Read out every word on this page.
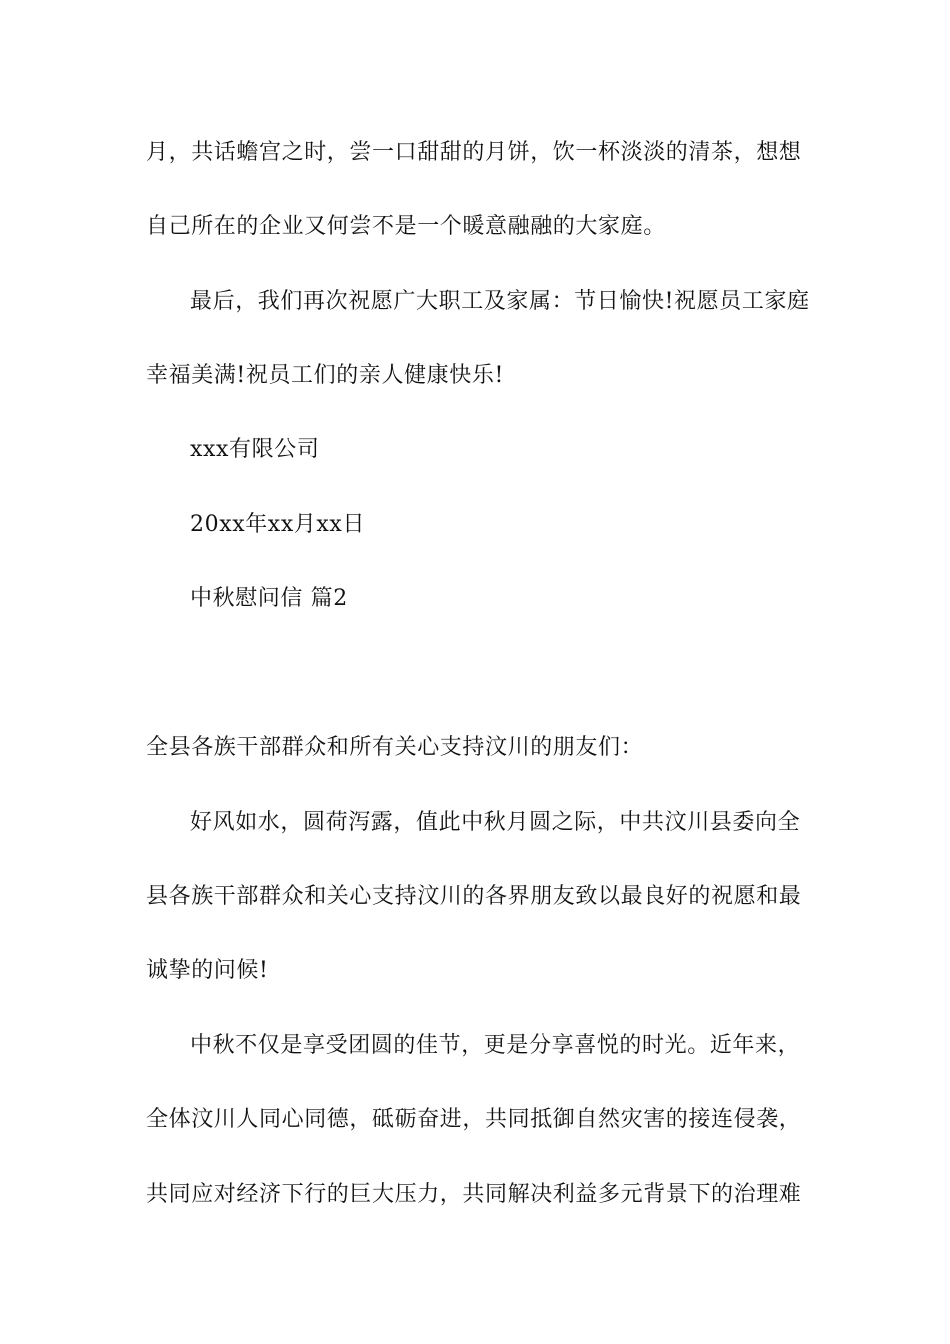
月，共话蟾宫之时，尝一口甜甜的月饼，饮一杯淡淡的清茶，想想
自己所在的企业又何尝不是一个暖意融融的大家庭。
最后，我们再次祝愿广大职工及家属：节日愉快!祝愿员工家庭
幸福美满!祝员工们的亲人健康快乐!
xxx有限公司
20xx年xx月xx日
中秋慰问信 篇2
全县各族干部群众和所有关心支持汶川的朋友们：
好风如水，圆荷泻露，值此中秋月圆之际，中共汶川县委向全
县各族干部群众和关心支持汶川的各界朋友致以最良好的祝愿和最
诚挚的问候!
中秋不仅是享受团圆的佳节，更是分享喜悦的时光。近年来，
全体汶川人同心同德，砥砺奋进，共同抵御自然灾害的接连侵袭，
共同应对经济下行的巨大压力，共同解决利益多元背景下的治理难
